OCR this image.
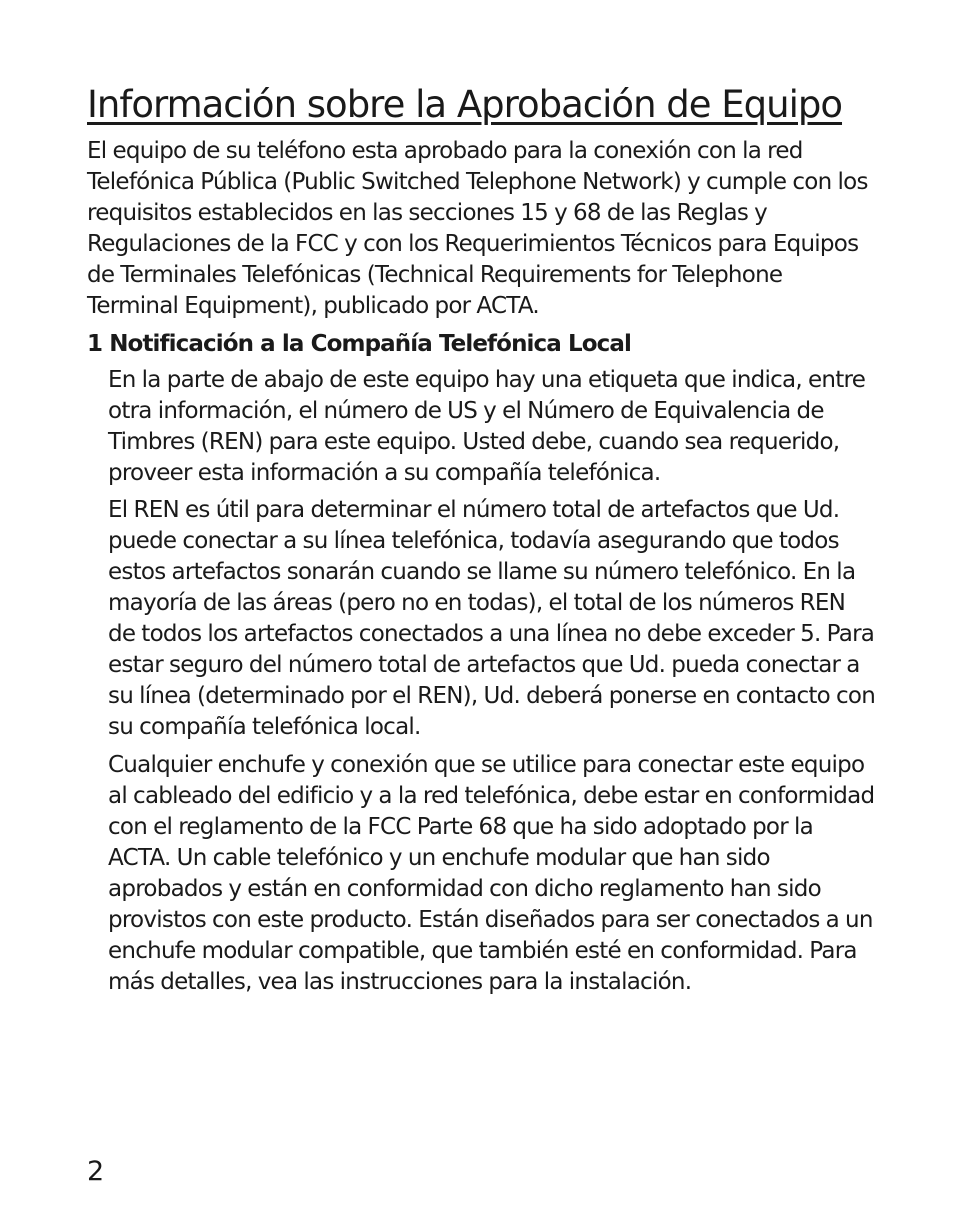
Información sobre la Aprobación de Equipo

El equipo de su teléfono esta aprobado para la conexión con la red Telefónica Pública (Public Switched Telephone Network) y cumple con los requisitos establecidos en las secciones 15 y 68 de las Reglas y Regulaciones de la FCC y con los Requerimientos Técnicos para Equipos de Terminales Telefónicas (Technical Requirements for Telephone Terminal Equipment), publicado por ACTA.

1 Notificación a la Compañía Telefónica Local

En la parte de abajo de este equipo hay una etiqueta que indica, entre otra información, el número de US y el Número de Equivalencia de Timbres (REN) para este equipo. Usted debe, cuando sea requerido, proveer esta información a su compañía telefónica.

El REN es útil para determinar el número total de artefactos que Ud. puede conectar a su línea telefónica, todavía asegurando que todos estos artefactos sonarán cuando se llame su número telefónico. En la mayoría de las áreas (pero no en todas), el total de los números REN de todos los artefactos conectados a una línea no debe exceder 5. Para estar seguro del número total de artefactos que Ud. pueda conectar a su línea (determinado por el REN), Ud. deberá ponerse en contacto con su compañía telefónica local.

Cualquier enchufe y conexión que se utilice para conectar este equipo al cableado del edificio y a la red telefónica, debe estar en conformidad con el reglamento de la FCC Parte 68 que ha sido adoptado por la ACTA. Un cable telefónico y un enchufe modular que han sido aprobados y están en conformidad con dicho reglamento han sido provistos con este producto. Están diseñados para ser conectados a un enchufe modular compatible, que también esté en conformidad. Para más detalles, vea las instrucciones para la instalación.

2
